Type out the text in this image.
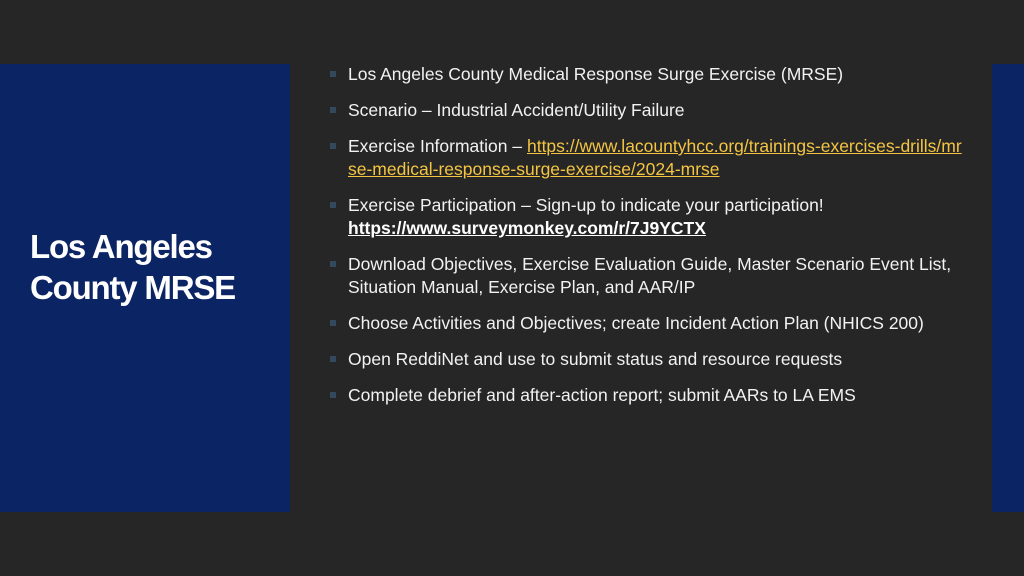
Los Angeles
County MRSE
Los Angeles County Medical Response Surge Exercise (MRSE)
Scenario – Industrial Accident/Utility Failure
Exercise Information – https://www.lacountyhcc.org/trainings-exercises-drills/mrse-medical-response-surge-exercise/2024-mrse
Exercise Participation – Sign-up to indicate your participation!
https://www.surveymonkey.com/r/7J9YCTX
Download Objectives, Exercise Evaluation Guide, Master Scenario Event List, Situation Manual, Exercise Plan, and AAR/IP
Choose Activities and Objectives; create Incident Action Plan (NHICS 200)
Open ReddiNet and use to submit status and resource requests
Complete debrief and after-action report; submit AARs to LA EMS
